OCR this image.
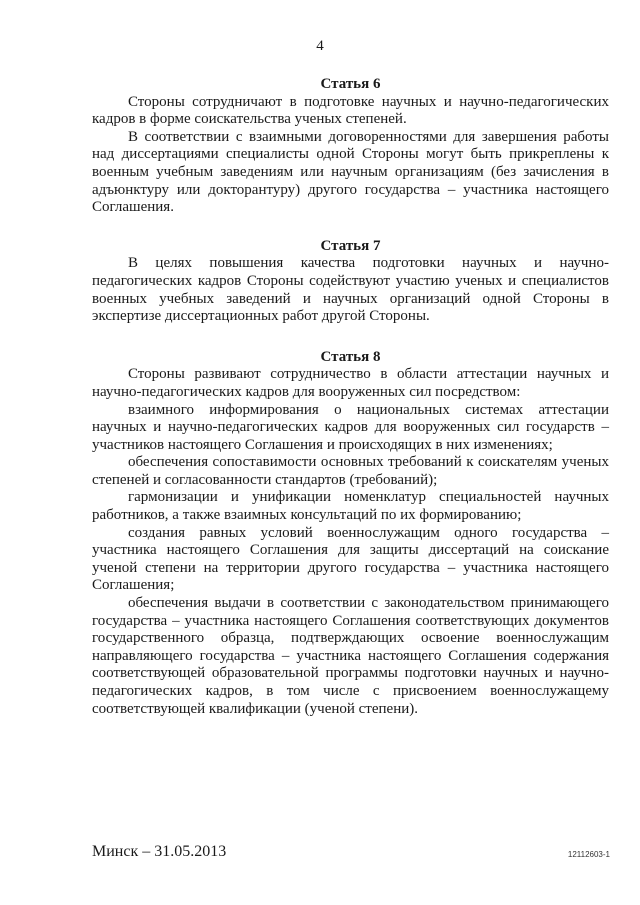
4

Статья 6

Стороны сотрудничают в подготовке научных и научно-педагогических кадров в форме соискательства ученых степеней.

В соответствии с взаимными договоренностями для завершения работы над диссертациями специалисты одной Стороны могут быть прикреплены к военным учебным заведениям или научным организациям (без зачисления в адъюнктуру или докторантуру) другого государства – участника настоящего Соглашения.

Статья 7

В целях повышения качества подготовки научных и научно-педагогических кадров Стороны содействуют участию ученых и специалистов военных учебных заведений и научных организаций одной Стороны в экспертизе диссертационных работ другой Стороны.

Статья 8

Стороны развивают сотрудничество в области аттестации научных и научно-педагогических кадров для вооруженных сил посредством:

взаимного информирования о национальных системах аттестации научных и научно-педагогических кадров для вооруженных сил государств – участников настоящего Соглашения и происходящих в них изменениях;

обеспечения сопоставимости основных требований к соискателям ученых степеней и согласованности стандартов (требований);

гармонизации и унификации номенклатур специальностей научных работников, а также взаимных консультаций по их формированию;

создания равных условий военнослужащим одного государства – участника настоящего Соглашения для защиты диссертаций на соискание ученой степени на территории другого государства – участника настоящего Соглашения;

обеспечения выдачи в соответствии с законодательством принимающего государства – участника настоящего Соглашения соответствующих документов государственного образца, подтверждающих освоение военнослужащим направляющего государства – участника настоящего Соглашения содержания соответствующей образовательной программы подготовки научных и научно-педагогических кадров, в том числе с присвоением военнослужащему соответствующей квалификации (ученой степени).

Минск – 31.05.2013	12112603-1
